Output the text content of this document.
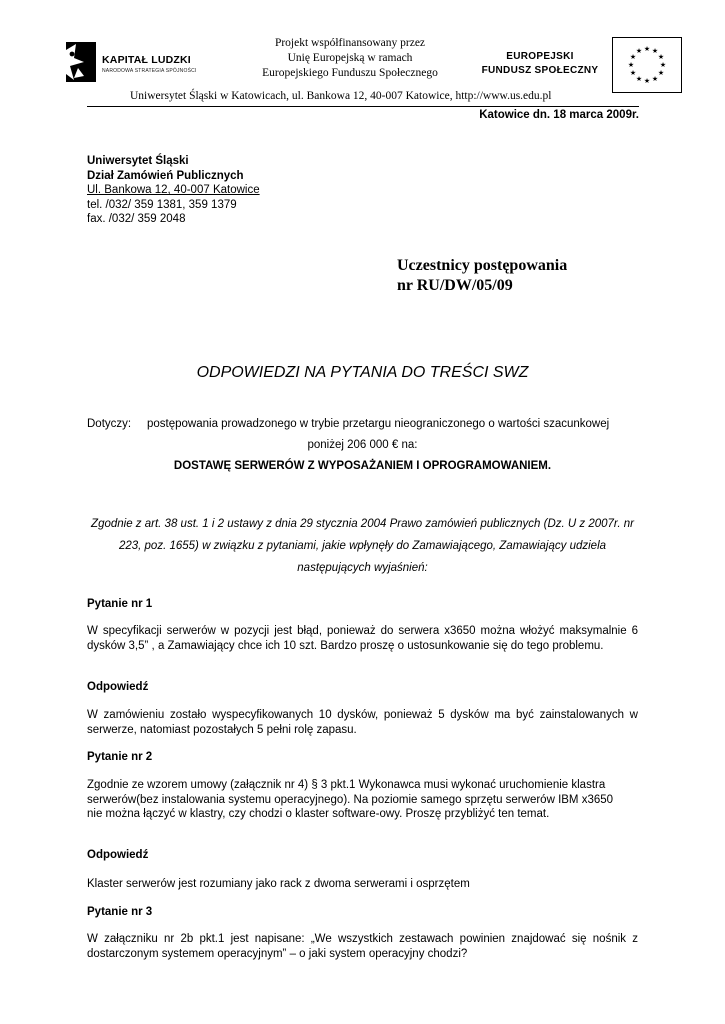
KAPITAŁ LUDZKI
NARODOWA STRATEGIA SPÓJNOŚCI
Projekt współfinansowany przez
Unię Europejską w ramach
Europejskiego Funduszu Społecznego
EUROPEJSKI
FUNDUSZ SPOŁECZNY
★ ★
★
★
★
★
★
★
★
★
★
★
Uniwersytet Śląski w Katowicach, ul. Bankowa 12, 40-007 Katowice, http://www.us.edu.pl
Katowice dn. 18 marca 2009r.
Uniwersytet Śląski
Dział Zamówień Publicznych
Ul. Bankowa 12, 40-007 Katowice
tel. /032/ 359 1381, 359 1379
fax. /032/ 359 2048
Uczestnicy postępowania
nr RU/DW/05/09
ODPOWIEDZI NA PYTANIA DO TREŚCI SWZ
Dotyczy: postępowania prowadzonego w trybie przetargu nieograniczonego o wartości szacunkowej
poniżej 206 000 € na:
DOSTAWĘ SERWERÓW Z WYPOSAŻANIEM I OPROGRAMOWANIEM.
Zgodnie z art. 38 ust. 1 i 2 ustawy z dnia 29 stycznia 2004 Prawo zamówień publicznych (Dz. U z 2007r. nr 223, poz. 1655) w związku z pytaniami, jakie wpłynęły do Zamawiającego, Zamawiający udziela następujących wyjaśnień:
Pytanie nr 1
W specyfikacji serwerów w pozycji jest błąd, ponieważ do serwera x3650 można włożyć maksymalnie 6 dysków 3,5” , a Zamawiający chce ich 10 szt. Bardzo proszę o ustosunkowanie się do tego problemu.
Odpowiedź
W zamówieniu zostało wyspecyfikowanych 10 dysków, ponieważ 5 dysków ma być zainstalowanych w serwerze, natomiast pozostałych 5 pełni rolę zapasu.
Pytanie nr 2
Zgodnie ze wzorem umowy (załącznik nr 4) § 3 pkt.1 Wykonawca musi wykonać uruchomienie klastra serwerów(bez instalowania systemu operacyjnego). Na poziomie samego sprzętu serwerów IBM x3650 nie można łączyć w klastry, czy chodzi o klaster software-owy. Proszę przybliżyć ten temat.
Odpowiedź
Klaster serwerów jest rozumiany jako rack z dwoma serwerami i osprzętem
Pytanie nr 3
W załączniku nr 2b pkt.1 jest napisane: „We wszystkich zestawach powinien znajdować się nośnik z dostarczonym systemem operacyjnym” – o jaki system operacyjny chodzi?
